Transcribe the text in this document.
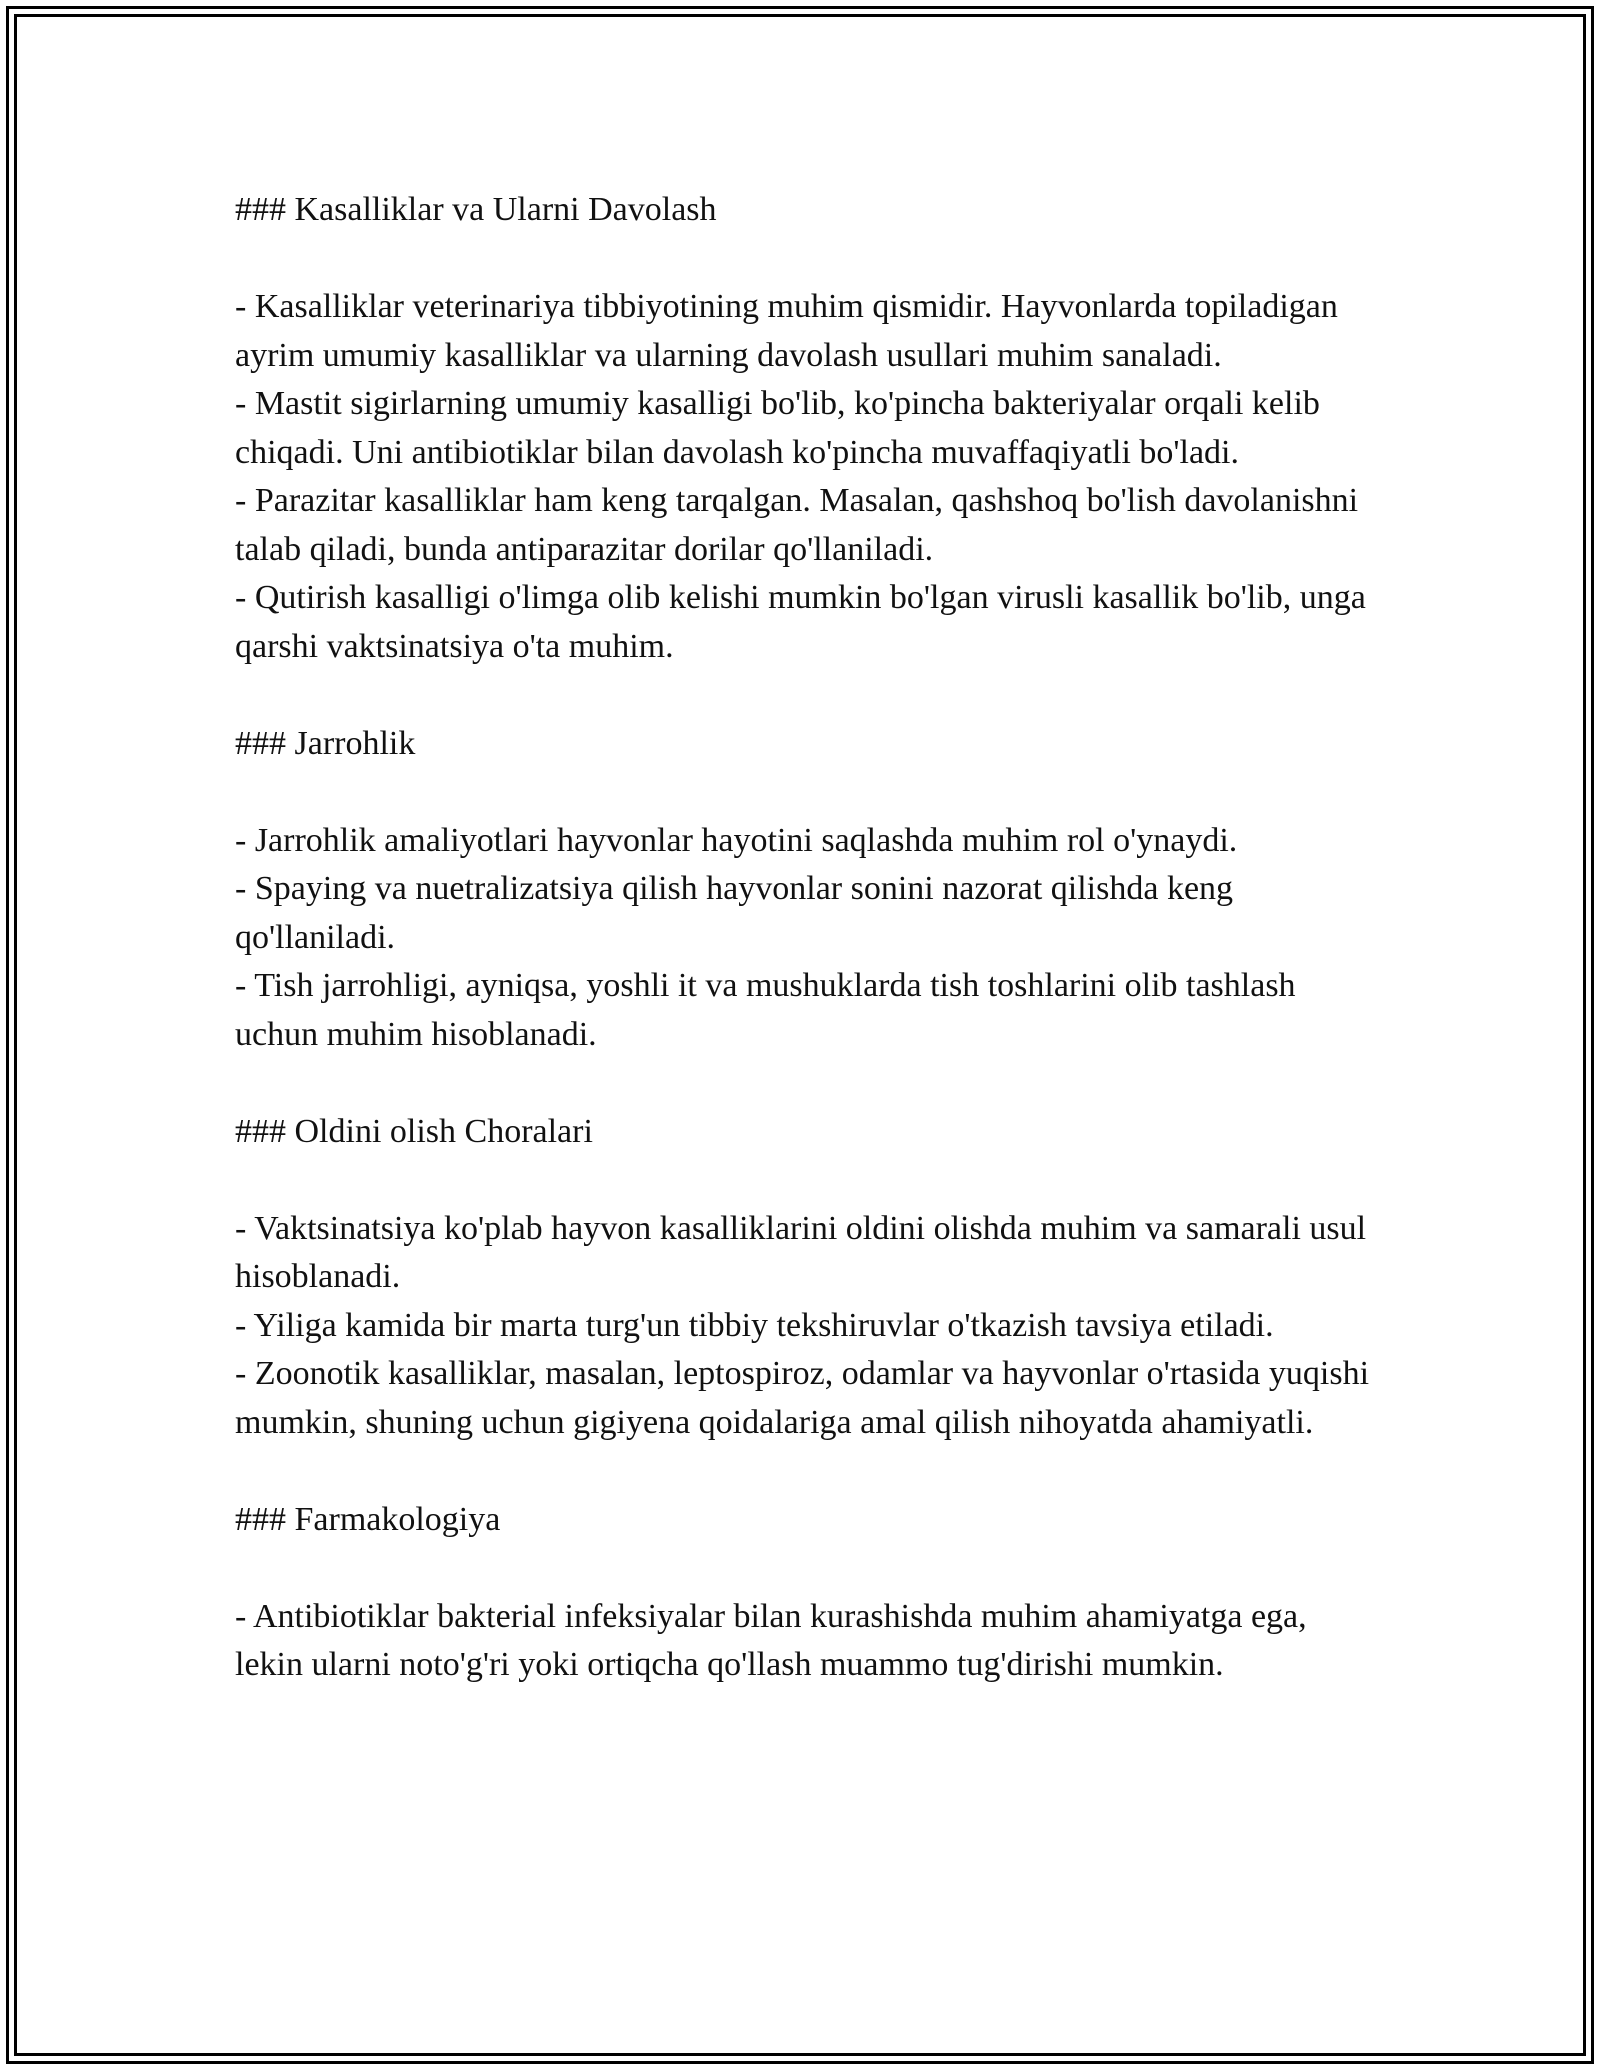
### Kasalliklar va Ularni Davolash

- Kasalliklar veterinariya tibbiyotining muhim qismidir. Hayvonlarda topiladigan ayrim umumiy kasalliklar va ularning davolash usullari muhim sanaladi.

- Mastit sigirlarning umumiy kasalligi bo'lib, ko'pincha bakteriyalar orqali kelib chiqadi. Uni antibiotiklar bilan davolash ko'pincha muvaffaqiyatli bo'ladi.

- Parazitar kasalliklar ham keng tarqalgan. Masalan, qashshoq bo'lish davolanishni talab qiladi, bunda antiparazitar dorilar qo'llaniladi.

- Qutirish kasalligi o'limga olib kelishi mumkin bo'lgan virusli kasallik bo'lib, unga qarshi vaktsinatsiya o'ta muhim.

### Jarrohlik

- Jarrohlik amaliyotlari hayvonlar hayotini saqlashda muhim rol o'ynaydi.

- Spaying va nuetralizatsiya qilish hayvonlar sonini nazorat qilishda keng qo'llaniladi.

- Tish jarrohligi, ayniqsa, yoshli it va mushuklarda tish toshlarini olib tashlash uchun muhim hisoblanadi.

### Oldini olish Choralari

- Vaktsinatsiya ko'plab hayvon kasalliklarini oldini olishda muhim va samarali usul hisoblanadi.

- Yiliga kamida bir marta turg'un tibbiy tekshiruvlar o'tkazish tavsiya etiladi.

- Zoonotik kasalliklar, masalan, leptospiroz, odamlar va hayvonlar o'rtasida yuqishi mumkin, shuning uchun gigiyena qoidalariga amal qilish nihoyatda ahamiyatli.

### Farmakologiya

- Antibiotiklar bakterial infeksiyalar bilan kurashishda muhim ahamiyatga ega, lekin ularni noto'g'ri yoki ortiqcha qo'llash muammo tug'dirishi mumkin.
